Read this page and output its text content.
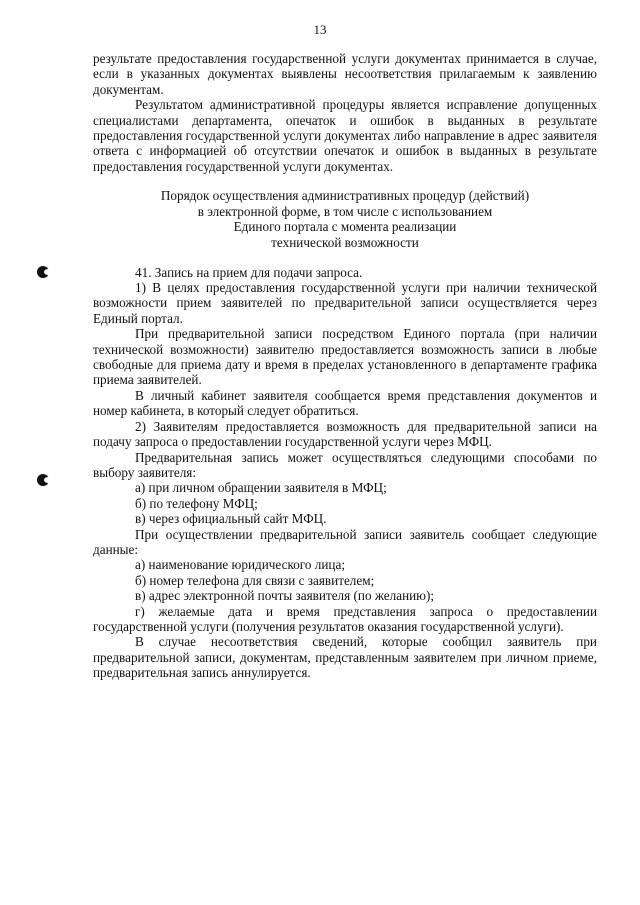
13

результате предоставления государственной услуги документах принимается в случае, если в указанных документах выявлены несоответствия прилагаемым к заявлению документам.

Результатом административной процедуры является исправление допущенных специалистами департамента, опечаток и ошибок в выданных в результате предоставления государственной услуги документах либо направление в адрес заявителя ответа с информацией об отсутствии опечаток и ошибок в выданных в результате предоставления государственной услуги документах.

Порядок осуществления административных процедур (действий)
в электронной форме, в том числе с использованием
Единого портала с момента реализации
технической возможности

41. Запись на прием для подачи запроса.

1) В целях предоставления государственной услуги при наличии технической возможности прием заявителей по предварительной записи осуществляется через Единый портал.

При предварительной записи посредством Единого портала (при наличии технической возможности) заявителю предоставляется возможность записи в любые свободные для приема дату и время в пределах установленного в департаменте графика приема заявителей.

В личный кабинет заявителя сообщается время представления документов и номер кабинета, в который следует обратиться.

2) Заявителям предоставляется возможность для предварительной записи на подачу запроса о предоставлении государственной услуги через МФЦ.

Предварительная запись может осуществляться следующими способами по выбору заявителя:

а) при личном обращении заявителя в МФЦ;

б) по телефону МФЦ;

в) через официальный сайт МФЦ.

При осуществлении предварительной записи заявитель сообщает следующие данные:

а) наименование юридического лица;

б) номер телефона для связи с заявителем;

в) адрес электронной почты заявителя (по желанию);

г) желаемые дата и время представления запроса о предоставлении государственной услуги (получения результатов оказания государственной услуги).

В случае несоответствия сведений, которые сообщил заявитель при предварительной записи, документам, представленным заявителем при личном приеме, предварительная запись аннулируется.
